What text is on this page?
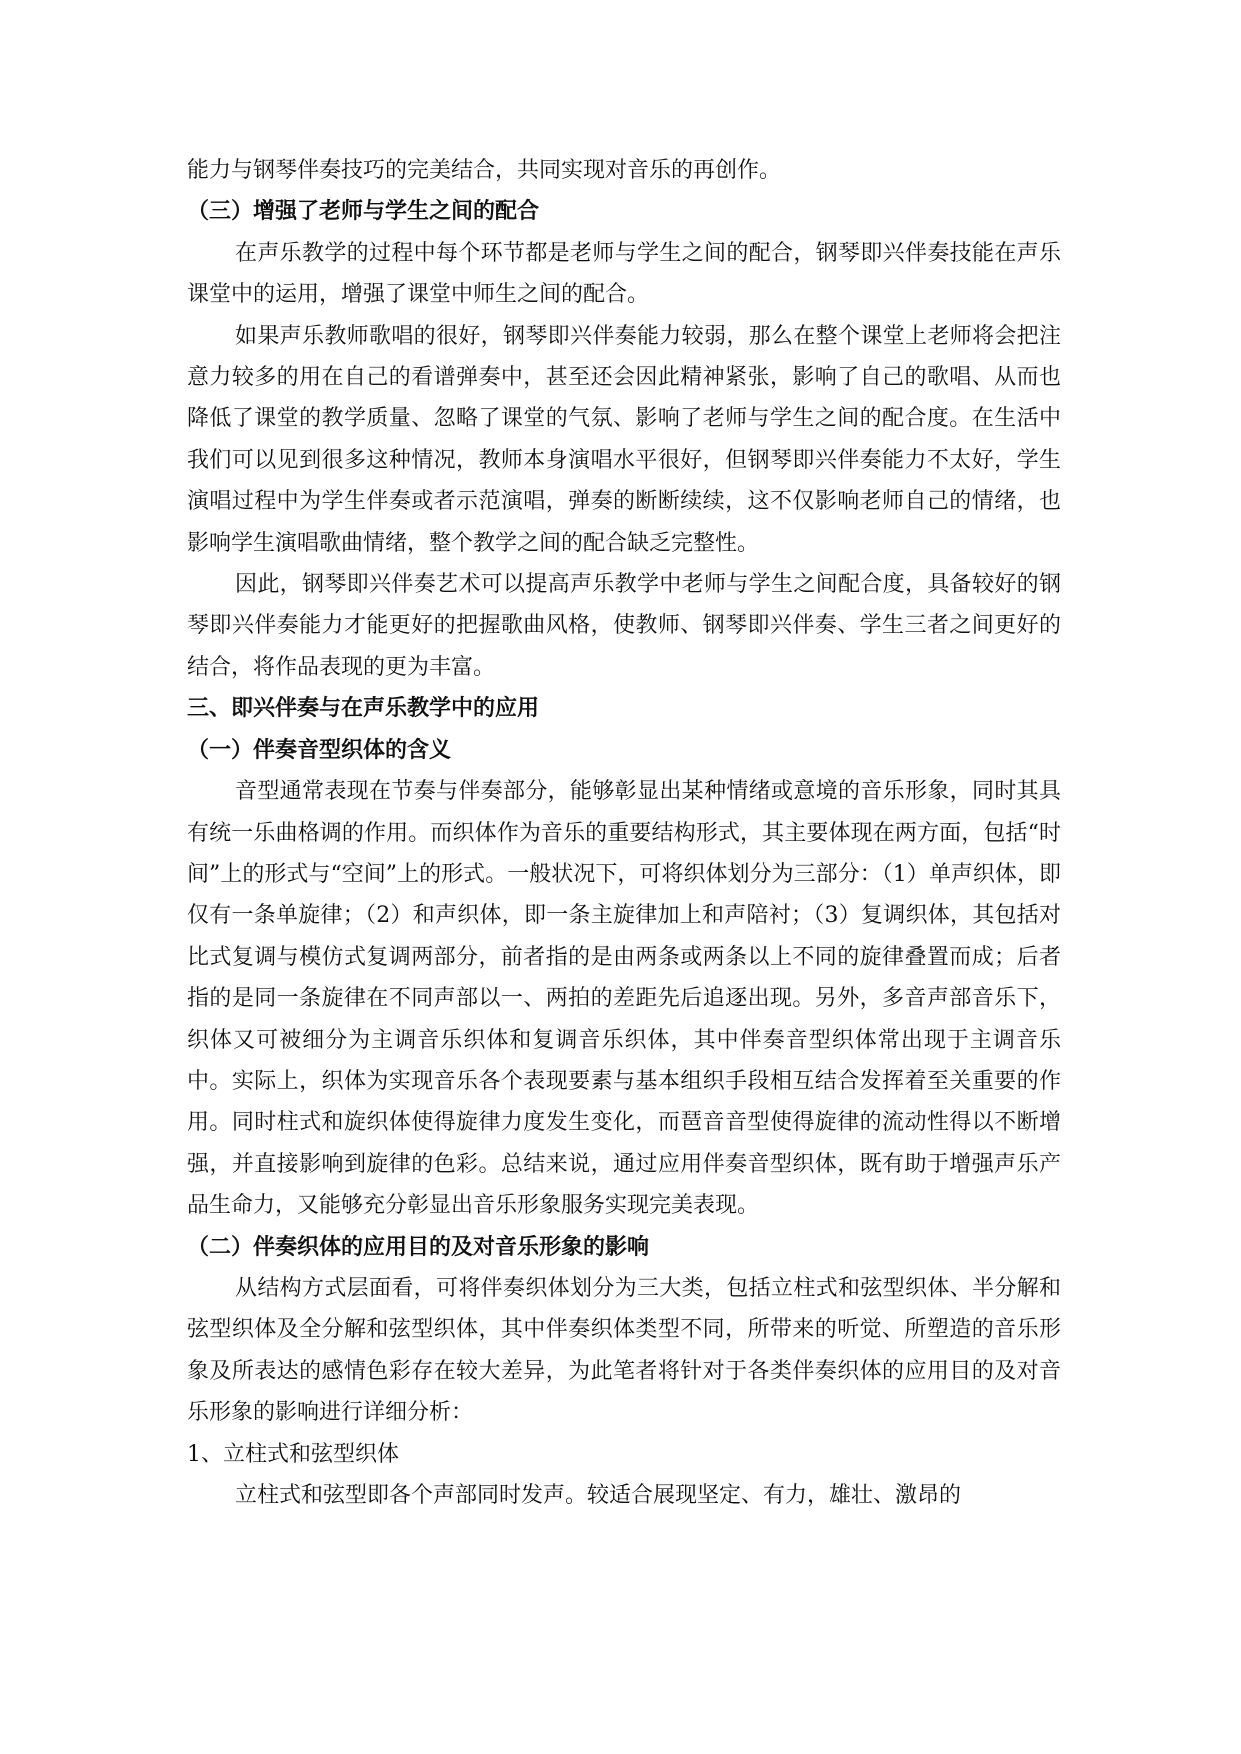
能力与钢琴伴奏技巧的完美结合，共同实现对音乐的再创作。

（三）增强了老师与学生之间的配合

在声乐教学的过程中每个环节都是老师与学生之间的配合，钢琴即兴伴奏技能在声乐课堂中的运用，增强了课堂中师生之间的配合。

如果声乐教师歌唱的很好，钢琴即兴伴奏能力较弱，那么在整个课堂上老师将会把注意力较多的用在自己的看谱弹奏中，甚至还会因此精神紧张，影响了自己的歌唱、从而也降低了课堂的教学质量、忽略了课堂的气氛、影响了老师与学生之间的配合度。在生活中我们可以见到很多这种情况，教师本身演唱水平很好，但钢琴即兴伴奏能力不太好，学生演唱过程中为学生伴奏或者示范演唱，弹奏的断断续续，这不仅影响老师自己的情绪，也影响学生演唱歌曲情绪，整个教学之间的配合缺乏完整性。

因此，钢琴即兴伴奏艺术可以提高声乐教学中老师与学生之间配合度，具备较好的钢琴即兴伴奏能力才能更好的把握歌曲风格，使教师、钢琴即兴伴奏、学生三者之间更好的结合，将作品表现的更为丰富。

三、即兴伴奏与在声乐教学中的应用

（一）伴奏音型织体的含义

音型通常表现在节奏与伴奏部分，能够彰显出某种情绪或意境的音乐形象，同时其具有统一乐曲格调的作用。而织体作为音乐的重要结构形式，其主要体现在两方面，包括“时间”上的形式与“空间”上的形式。一般状况下，可将织体划分为三部分：（1）单声织体，即仅有一条单旋律；（2）和声织体，即一条主旋律加上和声陪衬；（3）复调织体，其包括对比式复调与模仿式复调两部分，前者指的是由两条或两条以上不同的旋律叠置而成；后者指的是同一条旋律在不同声部以一、两拍的差距先后追逐出现。另外，多音声部音乐下，织体又可被细分为主调音乐织体和复调音乐织体，其中伴奏音型织体常出现于主调音乐中。实际上，织体为实现音乐各个表现要素与基本组织手段相互结合发挥着至关重要的作用。同时柱式和旋织体使得旋律力度发生变化，而琶音音型使得旋律的流动性得以不断增强，并直接影响到旋律的色彩。总结来说，通过应用伴奏音型织体，既有助于增强声乐产品生命力，又能够充分彰显出音乐形象服务实现完美表现。

（二）伴奏织体的应用目的及对音乐形象的影响

从结构方式层面看，可将伴奏织体划分为三大类，包括立柱式和弦型织体、半分解和弦型织体及全分解和弦型织体，其中伴奏织体类型不同，所带来的听觉、所塑造的音乐形象及所表达的感情色彩存在较大差异，为此笔者将针对于各类伴奏织体的应用目的及对音乐形象的影响进行详细分析：

1、立柱式和弦型织体

立柱式和弦型即各个声部同时发声。较适合展现坚定、有力，雄壮、激昂的
